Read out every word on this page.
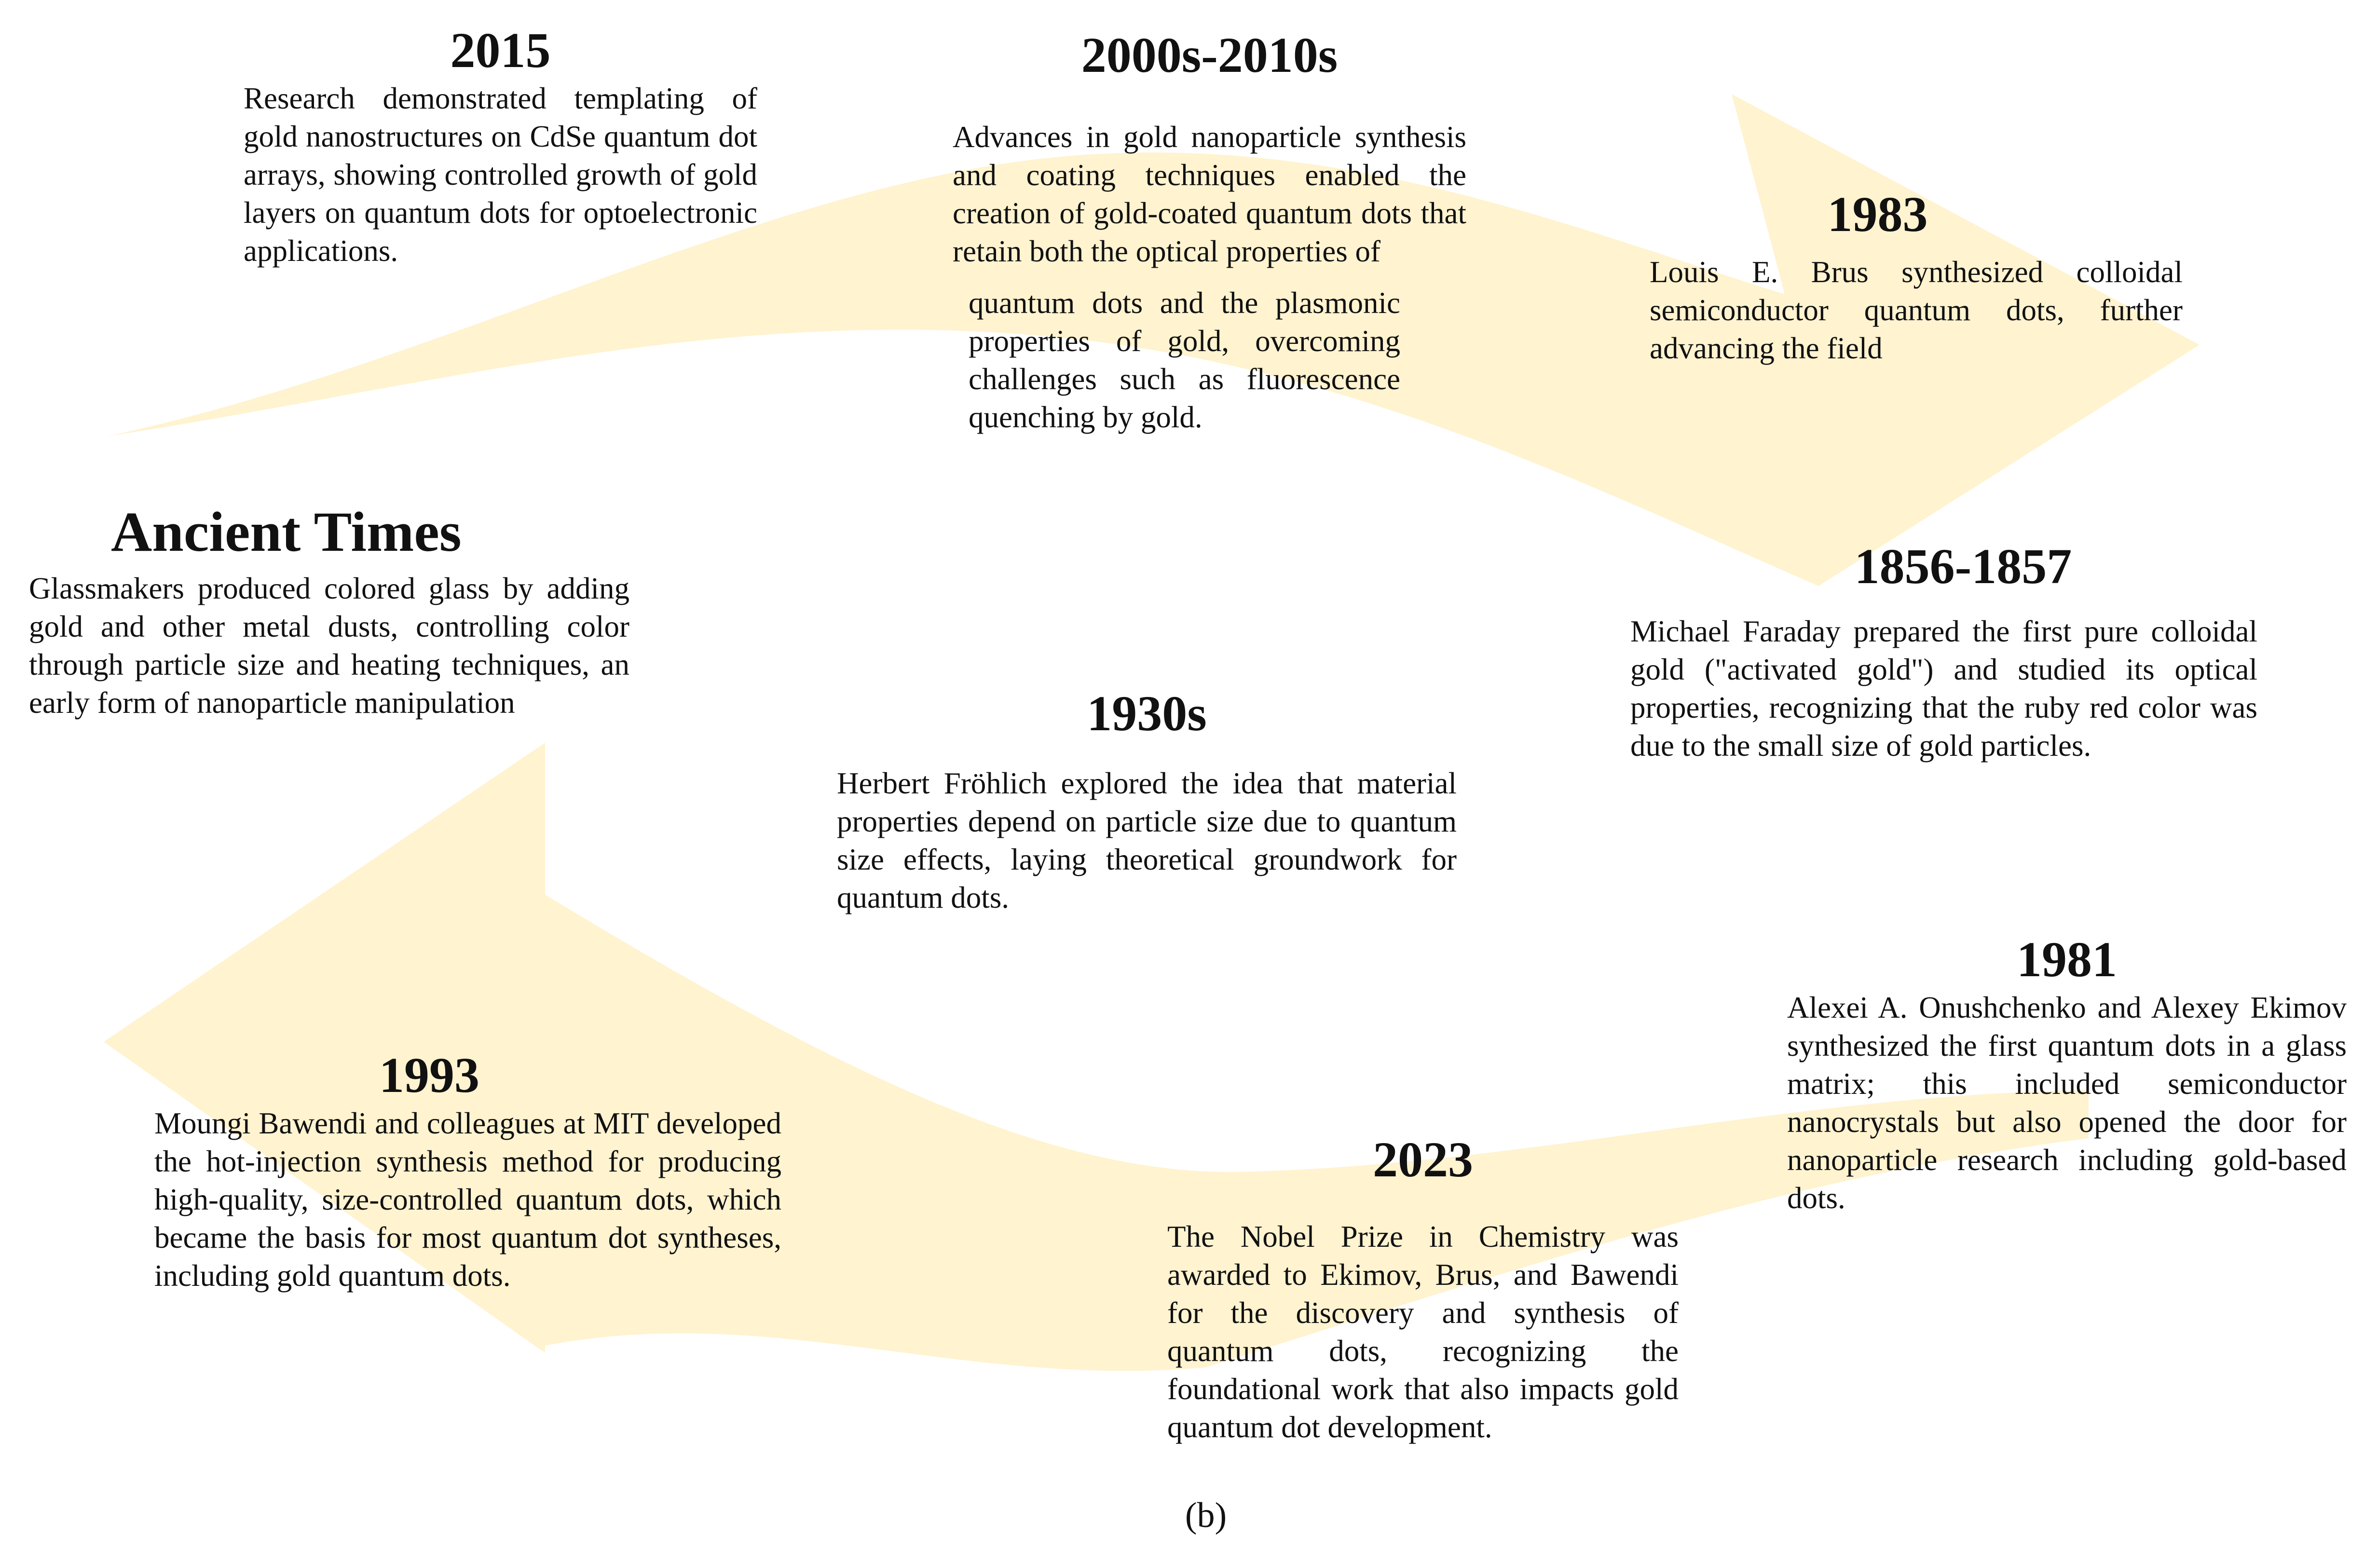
2015

Research demonstrated templating of gold nanostructures on CdSe quantum dot arrays, showing controlled growth of gold layers on quantum dots for optoelectronic applications.

2000s-2010s

Advances in gold nanoparticle synthesis and coating techniques enabled the creation of gold-coated quantum dots that retain both the optical properties of

quantum dots and the plasmonic properties of gold, overcoming challenges such as fluorescence quenching by gold.

1983

Louis E. Brus synthesized colloidal semiconductor quantum dots, further advancing the field

Ancient Times

Glassmakers produced colored glass by adding gold and other metal dusts, controlling color through particle size and heating techniques, an early form of nanoparticle manipulation

1856-1857

Michael Faraday prepared the first pure colloidal gold ("activated gold") and studied its optical properties, recognizing that the ruby red color was due to the small size of gold particles.

1930s

Herbert Fröhlich explored the idea that material properties depend on particle size due to quantum size effects, laying theoretical groundwork for quantum dots.

1981

Alexei A. Onushchenko and Alexey Ekimov synthesized the first quantum dots in a glass matrix; this included semiconductor nanocrystals but also opened the door for nanoparticle research including gold-based dots.

1993

Moungi Bawendi and colleagues at MIT developed the hot-injection synthesis method for producing high-quality, size-controlled quantum dots, which became the basis for most quantum dot syntheses, including gold quantum dots.

2023

The Nobel Prize in Chemistry was awarded to Ekimov, Brus, and Bawendi for the discovery and synthesis of quantum dots, recognizing the foundational work that also impacts gold quantum dot development.

(b)
